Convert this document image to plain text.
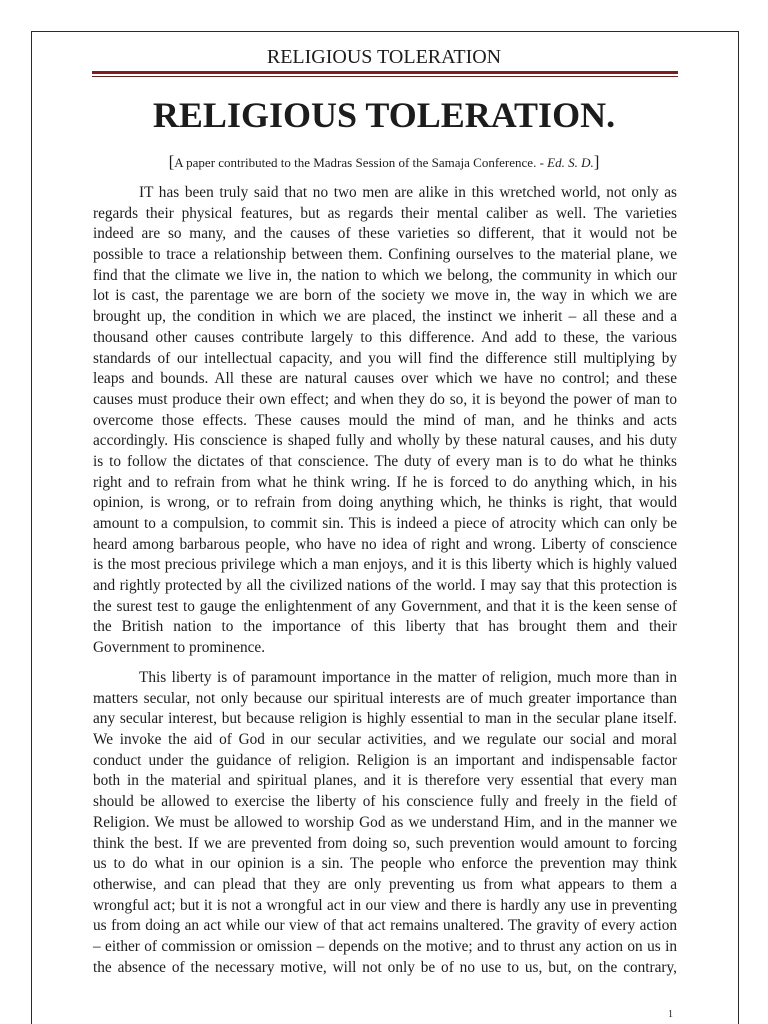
RELIGIOUS TOLERATION
RELIGIOUS TOLERATION.
[A paper contributed to the Madras Session of the Samaja Conference. - Ed. S. D.]
IT has been truly said that no two men are alike in this wretched world, not only as
regards their physical features, but as regards their mental caliber as well. The varieties
indeed are so many, and the causes of these varieties so different, that it would not be
possible to trace a relationship between them. Confining ourselves to the material plane, we
find that the climate we live in, the nation to which we belong, the community in which our
lot is cast, the parentage we are born of the society we move in, the way in which we are
brought up, the condition in which we are placed, the instinct we inherit – all these and a
thousand other causes contribute largely to this difference. And add to these, the various
standards of our intellectual capacity, and you will find the difference still multiplying by
leaps and bounds. All these are natural causes over which we have no control; and these
causes must produce their own effect; and when they do so, it is beyond the power of man to
overcome those effects. These causes mould the mind of man, and he thinks and acts
accordingly. His conscience is shaped fully and wholly by these natural causes, and his duty
is to follow the dictates of that conscience. The duty of every man is to do what he thinks
right and to refrain from what he think wring. If he is forced to do anything which, in his
opinion, is wrong, or to refrain from doing anything which, he thinks is right, that would
amount to a compulsion, to commit sin. This is indeed a piece of atrocity which can only be
heard among barbarous people, who have no idea of right and wrong. Liberty of conscience
is the most precious privilege which a man enjoys, and it is this liberty which is highly valued
and rightly protected by all the civilized nations of the world. I may say that this protection is
the surest test to gauge the enlightenment of any Government, and that it is the keen sense of
the British nation to the importance of this liberty that has brought them and their
Government to prominence.
This liberty is of paramount importance in the matter of religion, much more than in
matters secular, not only because our spiritual interests are of much greater importance than
any secular interest, but because religion is highly essential to man in the secular plane itself.
We invoke the aid of God in our secular activities, and we regulate our social and moral
conduct under the guidance of religion. Religion is an important and indispensable factor
both in the material and spiritual planes, and it is therefore very essential that every man
should be allowed to exercise the liberty of his conscience fully and freely in the field of
Religion. We must be allowed to worship God as we understand Him, and in the manner we
think the best. If we are prevented from doing so, such prevention would amount to forcing
us to do what in our opinion is a sin. The people who enforce the prevention may think
otherwise, and can plead that they are only preventing us from what appears to them a
wrongful act; but it is not a wrongful act in our view and there is hardly any use in preventing
us from doing an act while our view of that act remains unaltered. The gravity of every action
– either of commission or omission – depends on the motive; and to thrust any action on us in
the absence of the necessary motive, will not only be of no use to us, but, on the contrary,
1
